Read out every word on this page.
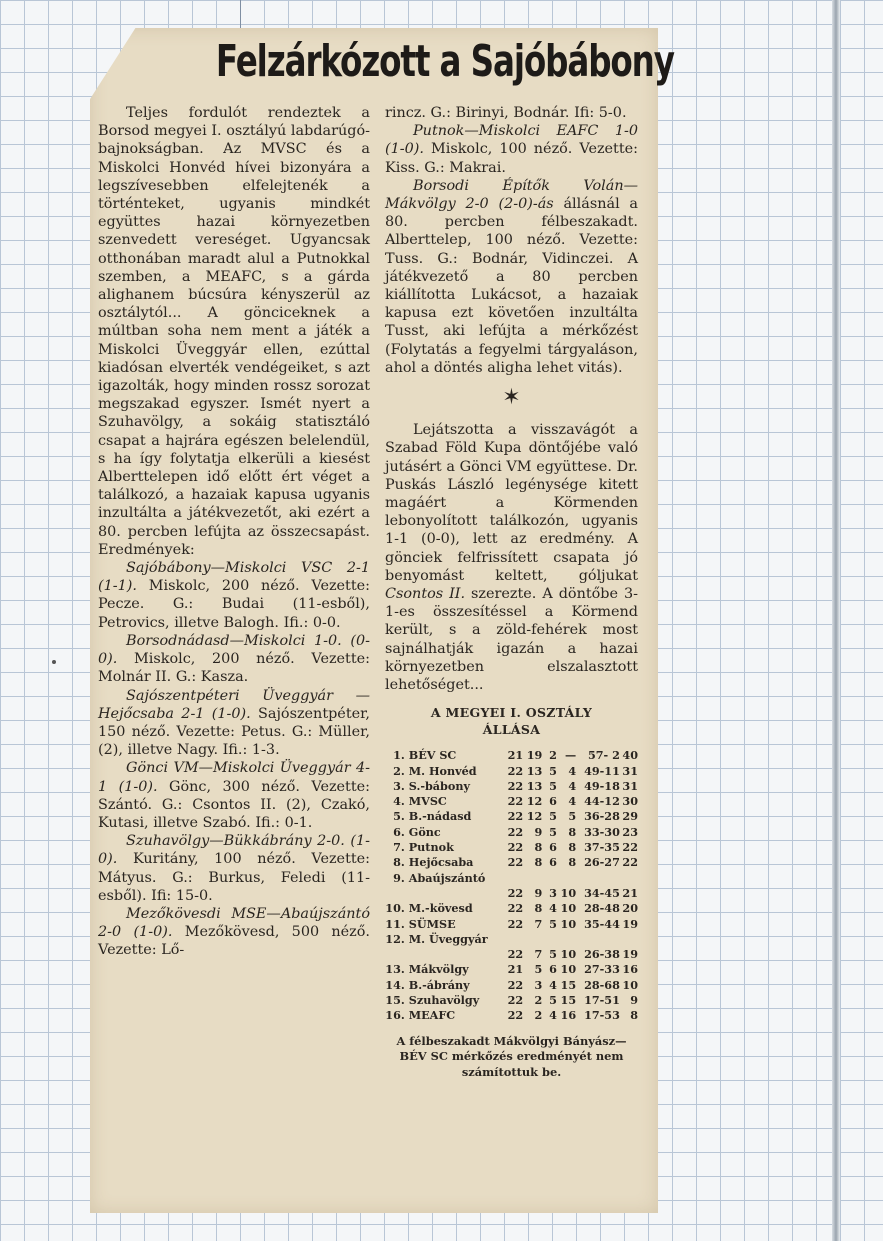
Felzárkózott a Sajóbábony

Teljes fordulót rendeztek a Borsod megyei I. osztályú labdarúgó-bajnokságban. Az MVSC és a Miskolci Honvéd hívei bizonyára a legszívesebben elfelejtenék a történteket, ugyanis mindkét együttes hazai környezetben szenvedett vereséget. Ugyancsak otthonában maradt alul a Putnokkal szemben, a MEAFC, s a gárda alighanem búcsúra kényszerül az osztálytól... A gönciceknek a múltban soha nem ment a játék a Miskolci Üveggyár ellen, ezúttal kiadósan elverték vendégeiket, s azt igazolták, hogy minden rossz sorozat megszakad egyszer. Ismét nyert a Szuhavölgy, a sokáig statisztáló csapat a hajrára egészen belelendül, s ha így folytatja elkerüli a kiesést Alberttelepen idő előtt ért véget a találkozó, a hazaiak kapusa ugyanis inzultálta a játékvezetőt, aki ezért a 80. percben lefújta az összecsapást. Eredmények:

Sajóbábony—Miskolci VSC 2-1 (1-1). Miskolc, 200 néző. Vezette: Pecze. G.: Budai (11-esből), Petrovics, illetve Balogh. Ifi.: 0-0.

Borsodnádasd—Miskolci 1-0. (0-0). Miskolc, 200 néző. Vezette: Molnár II. G.: Kasza.

Sajószentpéteri Üveggyár —Hejőcsaba 2-1 (1-0). Sajószentpéter, 150 néző. Vezette: Petus. G.: Müller, (2), illetve Nagy. Ifi.: 1-3.

Gönci VM—Miskolci Üveggyár 4-1 (1-0). Gönc, 300 néző. Vezette: Szántó. G.: Csontos II. (2), Czakó, Kutasi, illetve Szabó. Ifi.: 0-1.

Szuhavölgy—Bükkábrány 2-0. (1-0). Kuritány, 100 néző. Vezette: Mátyus. G.: Burkus, Feledi (11-esből). Ifi: 15-0.

Mezőkövesdi MSE—Abaújszántó 2-0 (1-0). Mezőkövesd, 500 néző. Vezette: Lő-

rincz. G.: Birinyi, Bodnár. Ifi: 5-0.

Putnok—Miskolci EAFC 1-0 (1-0). Miskolc, 100 néző. Vezette: Kiss. G.: Makrai.

Borsodi Építők Volán— Mákvölgy 2-0 (2-0)-ás állásnál a 80. percben félbeszakadt. Alberttelep, 100 néző. Vezette: Tuss. G.: Bodnár, Vidinczei. A játékvezető a 80 percben kiállította Lukácsot, a hazaiak kapusa ezt követően inzultálta Tusst, aki lefújta a mérkőzést (Folytatás a fegyelmi tárgyaláson, ahol a döntés aligha lehet vitás).

✶

Lejátszotta a visszavágót a Szabad Föld Kupa döntőjébe való jutásért a Gönci VM együttese. Dr. Puskás László legénysége kitett magáért a Körmenden lebonyolított találkozón, ugyanis 1-1 (0-0), lett az eredmény. A gönciek felfrissített csapata jó benyomást keltett, góljukat Csontos II. szerezte. A döntőbe 3-1-es összesítéssel a Körmend került, s a zöld-fehérek most sajnálhatják igazán a hazai környezetben elszalasztott lehetőséget...

A MEGYEI I. OSZTÁLY
ÁLLÁSA
1.	BÉV SC	21	19	2	—	57- 2	40
2.	M. Honvéd	22	13	5	4	49-11	31
3.	S.-bábony	22	13	5	4	49-18	31
4.	MVSC	22	12	6	4	44-12	30
5.	B.-nádasd	22	12	5	5	36-28	29
6.	Gönc	22	9	5	8	33-30	23
7.	Putnok	22	8	6	8	37-35	22
8.	Hejőcsaba	22	8	6	8	26-27	22
9.	Abaújszántó						
		22	9	3	10	34-45	21
10.	M.-kövesd	22	8	4	10	28-48	20
11.	SÜMSE	22	7	5	10	35-44	19
12.	M. Üveggyár						
		22	7	5	10	26-38	19
13.	Mákvölgy	21	5	6	10	27-33	16
14.	B.-ábrány	22	3	4	15	28-68	10
15.	Szuhavölgy	22	2	5	15	17-51	9
16.	MEAFC	22	2	4	16	17-53	8
A félbeszakadt Mákvölgyi Bányász—BÉV SC mérkőzés eredményét nem számítottuk be.
